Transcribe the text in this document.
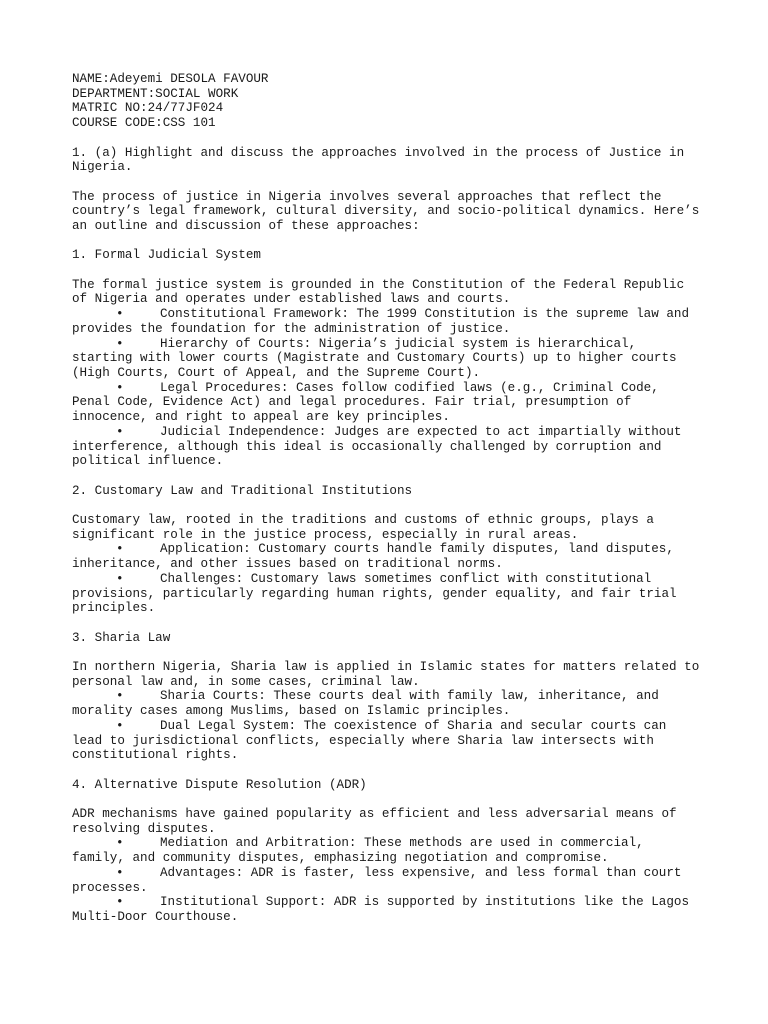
NAME:Adeyemi DESOLA FAVOUR
DEPARTMENT:SOCIAL WORK
MATRIC NO:24/77JF024
COURSE CODE:CSS 101
1. (a) Highlight and discuss the approaches involved in the process of Justice in
Nigeria.
The process of justice in Nigeria involves several approaches that reflect the
country’s legal framework, cultural diversity, and socio-political dynamics. Here’s
an outline and discussion of these approaches:
1. Formal Judicial System
The formal justice system is grounded in the Constitution of the Federal Republic
of Nigeria and operates under established laws and courts.
•	Constitutional Framework: The 1999 Constitution is the supreme law and
provides the foundation for the administration of justice.
•	Hierarchy of Courts: Nigeria’s judicial system is hierarchical,
starting with lower courts (Magistrate and Customary Courts) up to higher courts
(High Courts, Court of Appeal, and the Supreme Court).
•	Legal Procedures: Cases follow codified laws (e.g., Criminal Code,
Penal Code, Evidence Act) and legal procedures. Fair trial, presumption of
innocence, and right to appeal are key principles.
•	Judicial Independence: Judges are expected to act impartially without
interference, although this ideal is occasionally challenged by corruption and
political influence.
2. Customary Law and Traditional Institutions
Customary law, rooted in the traditions and customs of ethnic groups, plays a
significant role in the justice process, especially in rural areas.
•	Application: Customary courts handle family disputes, land disputes,
inheritance, and other issues based on traditional norms.
•	Challenges: Customary laws sometimes conflict with constitutional
provisions, particularly regarding human rights, gender equality, and fair trial
principles.
3. Sharia Law
In northern Nigeria, Sharia law is applied in Islamic states for matters related to
personal law and, in some cases, criminal law.
•	Sharia Courts: These courts deal with family law, inheritance, and
morality cases among Muslims, based on Islamic principles.
•	Dual Legal System: The coexistence of Sharia and secular courts can
lead to jurisdictional conflicts, especially where Sharia law intersects with
constitutional rights.
4. Alternative Dispute Resolution (ADR)
ADR mechanisms have gained popularity as efficient and less adversarial means of
resolving disputes.
•	Mediation and Arbitration: These methods are used in commercial,
family, and community disputes, emphasizing negotiation and compromise.
•	Advantages: ADR is faster, less expensive, and less formal than court
processes.
•	Institutional Support: ADR is supported by institutions like the Lagos
Multi-Door Courthouse.
